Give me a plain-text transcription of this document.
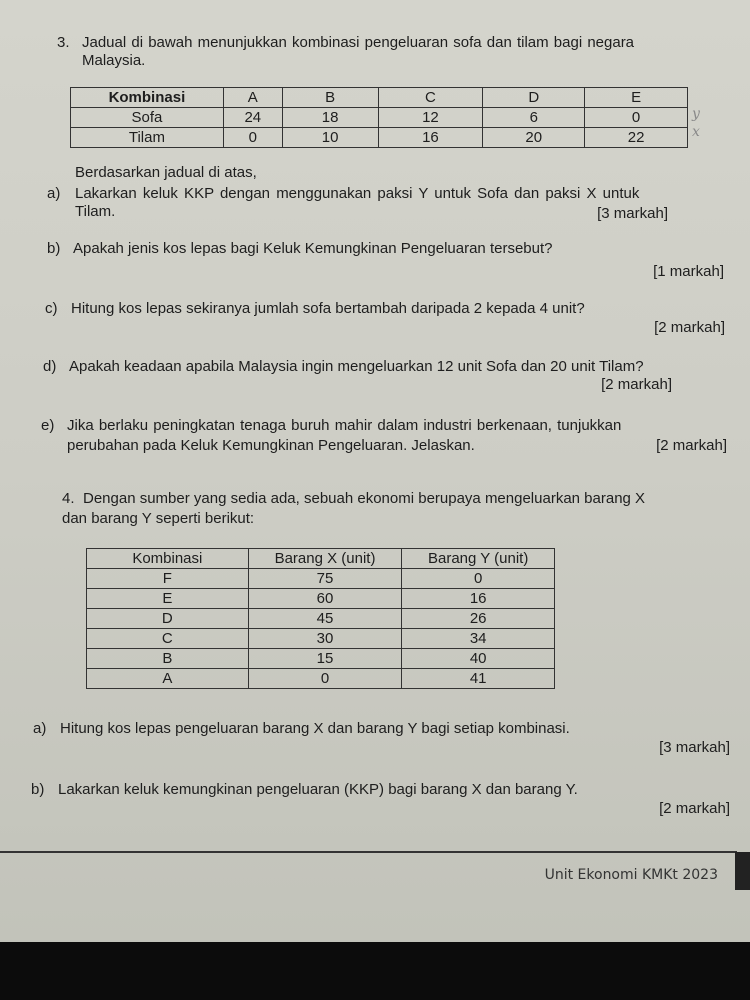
3. Jadual di bawah menunjukkan kombinasi pengeluaran sofa dan tilam bagi negara
Malaysia.
Kombinasi	A	B	C	D	E
Sofa	24	18	12	6	0
Tilam	0	10	16	20	22
y
x
Berdasarkan jadual di atas,
a) Lakarkan keluk KKP dengan menggunakan paksi Y untuk Sofa dan paksi X untuk
Tilam.	[3 markah]
b) Apakah jenis kos lepas bagi Keluk Kemungkinan Pengeluaran tersebut?
[1 markah]
c) Hitung kos lepas sekiranya jumlah sofa bertambah daripada 2 kepada 4 unit?
[2 markah]
d) Apakah keadaan apabila Malaysia ingin mengeluarkan 12 unit Sofa dan 20 unit Tilam?
[2 markah]
e) Jika berlaku peningkatan tenaga buruh mahir dalam industri berkenaan, tunjukkan
perubahan pada Keluk Kemungkinan Pengeluaran. Jelaskan.	[2 markah]
4. Dengan sumber yang sedia ada, sebuah ekonomi berupaya mengeluarkan barang X
dan barang Y seperti berikut:
Kombinasi	Barang X (unit)	Barang Y (unit)
F	75	0
E	60	16
D	45	26
C	30	34
B	15	40
A	0	41
a) Hitung kos lepas pengeluaran barang X dan barang Y bagi setiap kombinasi.
[3 markah]
b) Lakarkan keluk kemungkinan pengeluaran (KKP) bagi barang X dan barang Y.
[2 markah]
Unit Ekonomi KMKt 2023
